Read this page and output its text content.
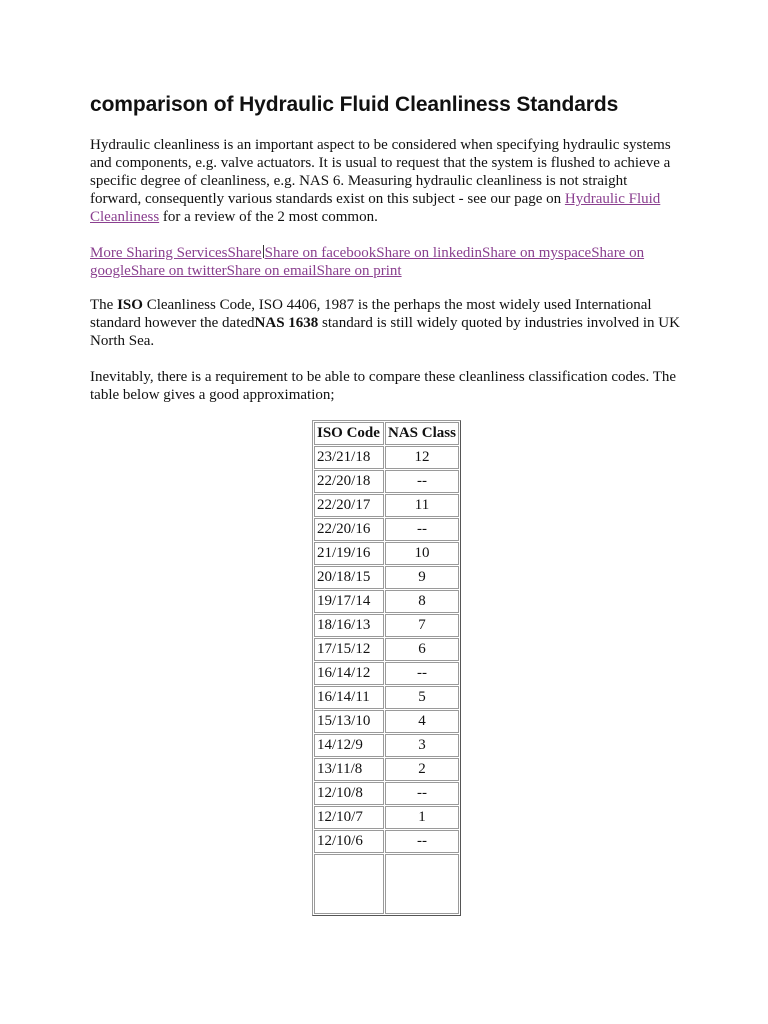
comparison of Hydraulic Fluid Cleanliness Standards

Hydraulic cleanliness is an important aspect to be considered when specifying hydraulic systems and components, e.g. valve actuators. It is usual to request that the system is flushed to achieve a specific degree of cleanliness, e.g. NAS 6. Measuring hydraulic cleanliness is not straight forward, consequently various standards exist on this subject - see our page on Hydraulic Fluid Cleanliness for a review of the 2 most common.

More Sharing ServicesShare Share on facebookShare on linkedinShare on myspaceShare on googleShare on twitterShare on emailShare on print

The ISO Cleanliness Code, ISO 4406, 1987 is the perhaps the most widely used International standard however the datedNAS 1638 standard is still widely quoted by industries involved in UK North Sea.

Inevitably, there is a requirement to be able to compare these cleanliness classification codes. The table below gives a good approximation;

ISO Code	NAS Class
23/21/18	12
22/20/18	--
22/20/17	11
22/20/16	--
21/19/16	10
20/18/15	9
19/17/14	8
18/16/13	7
17/15/12	6
16/14/12	--
16/14/11	5
15/13/10	4
14/12/9	3
13/11/8	2
12/10/8	--
12/10/7	1
12/10/6	--
